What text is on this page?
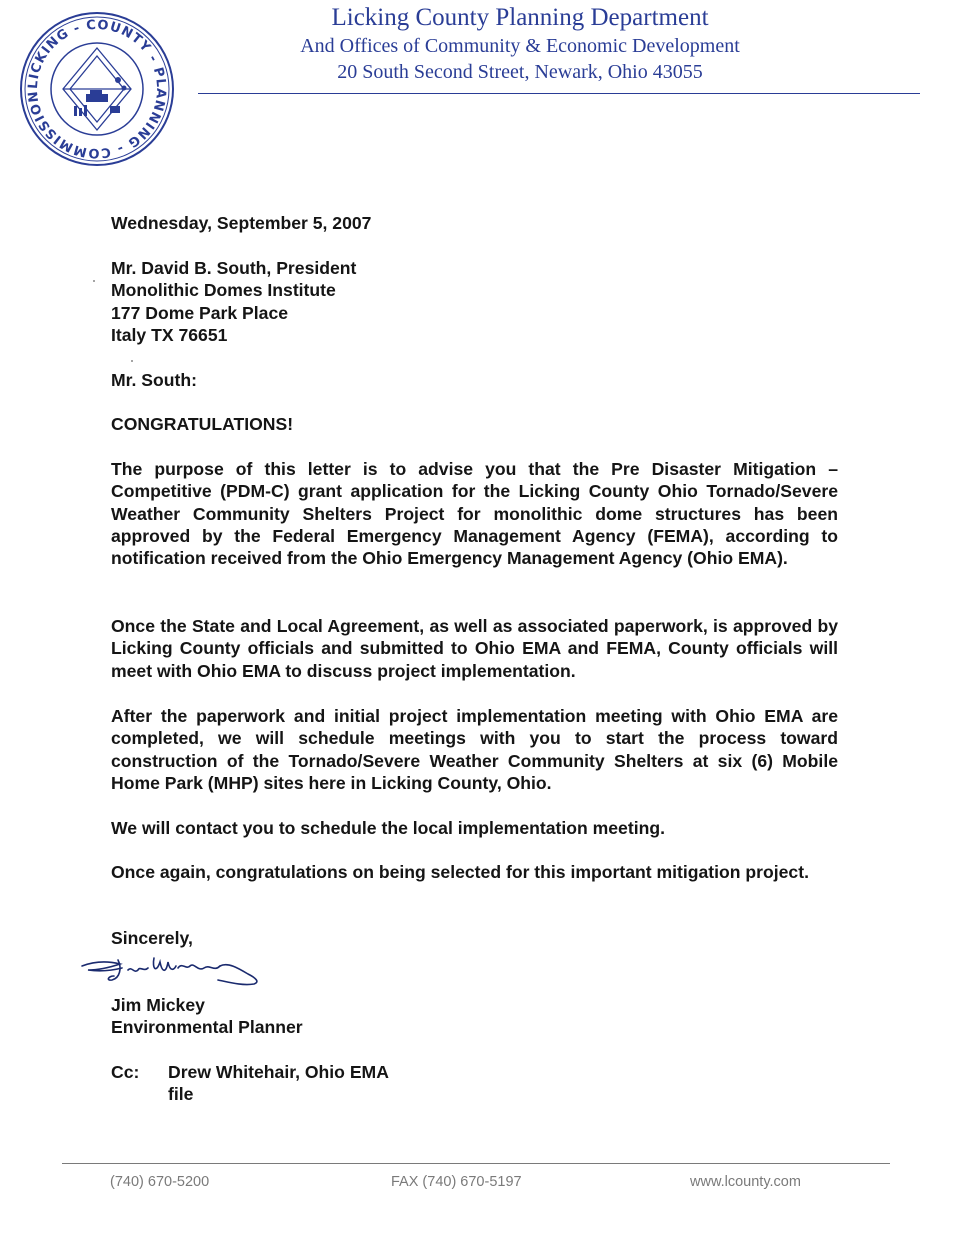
LICKING - COUNTY - PLANNING - COMMISSION
Licking County Planning Department
And Offices of Community & Economic Development
20 South Second Street, Newark, Ohio 43055
Wednesday, September 5, 2007
Mr. David B. South, President
Monolithic Domes Institute
177 Dome Park Place
Italy TX 76651
Mr. South:
CONGRATULATIONS!
The purpose of this letter is to advise you that the Pre Disaster Mitigation – Competitive (PDM-C) grant application for the Licking County Ohio Tornado/Severe Weather Community Shelters Project for monolithic dome structures has been approved by the Federal Emergency Management Agency (FEMA), according to notification received from the Ohio Emergency Management Agency (Ohio EMA).
Once the State and Local Agreement, as well as associated paperwork, is approved by Licking County officials and submitted to Ohio EMA and FEMA, County officials will meet with Ohio EMA to discuss project implementation.
After the paperwork and initial project implementation meeting with Ohio EMA are completed, we will schedule meetings with you to start the process toward construction of the Tornado/Severe Weather Community Shelters at six (6) Mobile Home Park (MHP) sites here in Licking County, Ohio.
We will contact you to schedule the local implementation meeting.
Once again, congratulations on being selected for this important mitigation project.
Sincerely,
Jim Mickey
Environmental Planner
Cc: Drew Whitehair, Ohio EMA
file
(740) 670-5200	FAX (740) 670-5197	www.lcounty.com
